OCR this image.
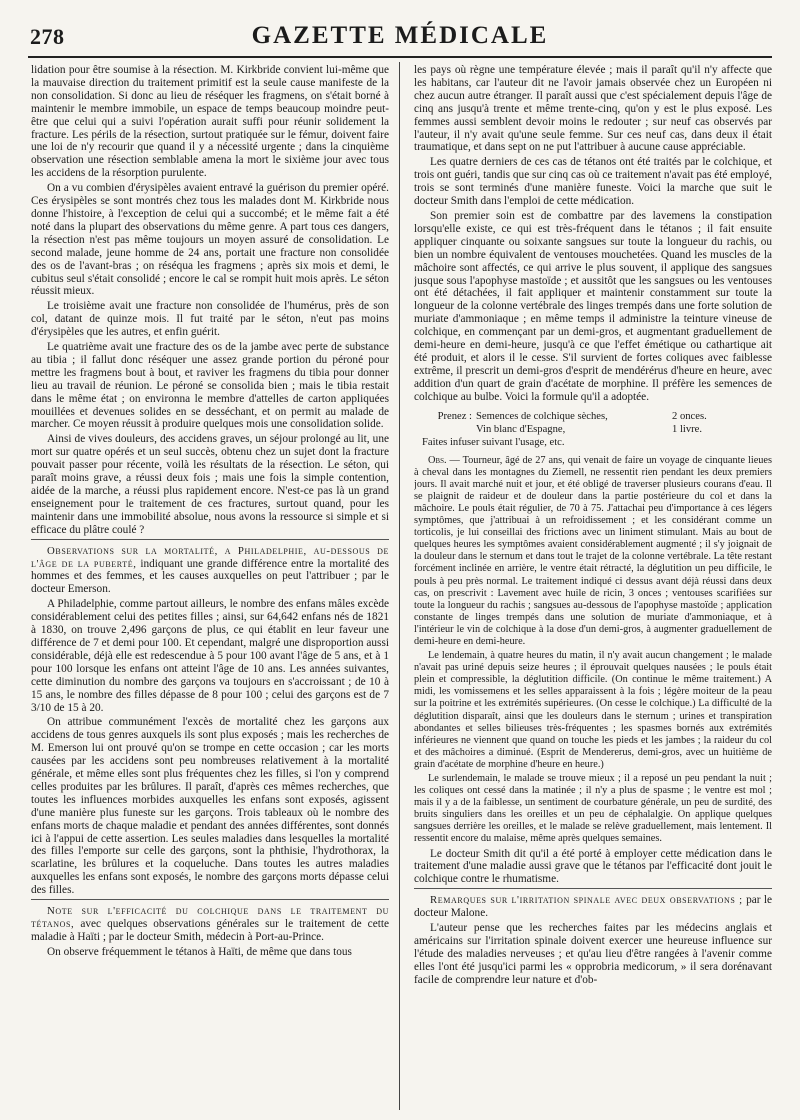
278	GAZETTE MÉDICALE

lidation pour être soumise à la résection. M. Kirkbride convient lui-même que la mauvaise direction du traitement primitif est la seule cause manifeste de la non consolidation. Si donc au lieu de réséquer les fragmens, on s'était borné à maintenir le membre immobile, un espace de temps beaucoup moindre peut-être que celui qui a suivi l'opération aurait suffi pour réunir solidement la fracture. Les périls de la résection, surtout pratiquée sur le fémur, doivent faire une loi de n'y recourir que quand il y a nécessité urgente ; dans la cinquième observation une résection semblable amena la mort le sixième jour avec tous les accidens de la résorption purulente.

On a vu combien d'érysipèles avaient entravé la guérison du premier opéré. Ces érysipèles se sont montrés chez tous les malades dont M. Kirkbride nous donne l'histoire, à l'exception de celui qui a succombé; et le même fait a été noté dans la plupart des observations du même genre. A part tous ces dangers, la résection n'est pas même toujours un moyen assuré de consolidation. Le second malade, jeune homme de 24 ans, portait une fracture non consolidée des os de l'avant-bras ; on réséqua les fragmens ; après six mois et demi, le cubitus seul s'était consolidé ; encore le cal se rompit huit mois après. Le séton réussit mieux.

Le troisième avait une fracture non consolidée de l'humérus, près de son col, datant de quinze mois. Il fut traité par le séton, n'eut pas moins d'érysipèles que les autres, et enfin guérit.

Le quatrième avait une fracture des os de la jambe avec perte de substance au tibia ; il fallut donc réséquer une assez grande portion du péroné pour mettre les fragmens bout à bout, et raviver les fragmens du tibia pour donner lieu au travail de réunion. Le péroné se consolida bien ; mais le tibia restait dans le même état ; on environna le membre d'attelles de carton appliquées mouillées et devenues solides en se desséchant, et on permit au malade de marcher. Ce moyen réussit à produire quelques mois une consolidation solide.

Ainsi de vives douleurs, des accidens graves, un séjour prolongé au lit, une mort sur quatre opérés et un seul succès, obtenu chez un sujet dont la fracture pouvait passer pour récente, voilà les résultats de la résection. Le séton, qui paraît moins grave, a réussi deux fois ; mais une fois la simple contention, aidée de la marche, a réussi plus rapidement encore. N'est-ce pas là un grand enseignement pour le traitement de ces fractures, surtout quand, pour les maintenir dans une immobilité absolue, nous avons la ressource si simple et si efficace du plâtre coulé ?

Observations sur la mortalité, a Philadelphie, au-dessous de l'âge de la puberté, indiquant une grande différence entre la mortalité des hommes et des femmes, et les causes auxquelles on peut l'attribuer ; par le docteur Emerson.

A Philadelphie, comme partout ailleurs, le nombre des enfans mâles excède considérablement celui des petites filles ; ainsi, sur 64,642 enfans nés de 1821 à 1830, on trouve 2,496 garçons de plus, ce qui établit en leur faveur une différence de 7 et demi pour 100. Et cependant, malgré une disproportion aussi considérable, déjà elle est redescendue à 5 pour 100 avant l'âge de 5 ans, et à 1 pour 100 lorsque les enfans ont atteint l'âge de 10 ans. Les années suivantes, cette diminution du nombre des garçons va toujours en s'accroissant ; de 10 à 15 ans, le nombre des filles dépasse de 8 pour 100 ; celui des garçons est de 7 3/10 de 15 à 20.

On attribue communément l'excès de mortalité chez les garçons aux accidens de tous genres auxquels ils sont plus exposés ; mais les recherches de M. Emerson lui ont prouvé qu'on se trompe en cette occasion ; car les morts causées par les accidens sont peu nombreuses relativement à la mortalité générale, et même elles sont plus fréquentes chez les filles, si l'on y comprend celles produites par les brûlures. Il paraît, d'après ces mêmes recherches, que toutes les influences morbides auxquelles les enfans sont exposés, agissent d'une manière plus funeste sur les garçons. Trois tableaux où le nombre des enfans morts de chaque maladie et pendant des années différentes, sont donnés ici à l'appui de cette assertion. Les seules maladies dans lesquelles la mortalité des filles l'emporte sur celle des garçons, sont la phthisie, l'hydrothorax, la scarlatine, les brûlures et la coqueluche. Dans toutes les autres maladies auxquelles les enfans sont exposés, le nombre des garçons morts dépasse celui des filles.

Note sur l'efficacité du colchique dans le traitement du tétanos, avec quelques observations générales sur le traitement de cette maladie à Haïti ; par le docteur Smith, médecin à Port-au-Prince.

On observe fréquemment le tétanos à Haïti, de même que dans tous

les pays où règne une température élevée ; mais il paraît qu'il n'y affecte que les habitans, car l'auteur dit ne l'avoir jamais observée chez un Européen ni chez aucun autre étranger. Il paraît aussi que c'est spécialement depuis l'âge de cinq ans jusqu'à trente et même trente-cinq, qu'on y est le plus exposé. Les femmes aussi semblent devoir moins le redouter ; sur neuf cas observés par l'auteur, il n'y avait qu'une seule femme. Sur ces neuf cas, dans deux il était traumatique, et dans sept on ne put l'attribuer à aucune cause appréciable.

Les quatre derniers de ces cas de tétanos ont été traités par le colchique, et trois ont guéri, tandis que sur cinq cas où ce traitement n'avait pas été employé, trois se sont terminés d'une manière funeste. Voici la marche que suit le docteur Smith dans l'emploi de cette médication.

Son premier soin est de combattre par des lavemens la constipation lorsqu'elle existe, ce qui est très-fréquent dans le tétanos ; il fait ensuite appliquer cinquante ou soixante sangsues sur toute la longueur du rachis, ou bien un nombre équivalent de ventouses mouchetées. Quand les muscles de la mâchoire sont affectés, ce qui arrive le plus souvent, il applique des sangsues jusque sous l'apophyse mastoïde ; et aussitôt que les sangsues ou les ventouses ont été détachées, il fait appliquer et maintenir constamment sur toute la longueur de la colonne vertébrale des linges trempés dans une forte solution de muriate d'ammoniaque ; en même temps il administre la teinture vineuse de colchique, en commençant par un demi-gros, et augmentant graduellement de demi-heure en demi-heure, jusqu'à ce que l'effet émétique ou cathartique ait été produit, et alors il le cesse. S'il survient de fortes coliques avec faiblesse extrême, il prescrit un demi-gros d'esprit de mendérérus d'heure en heure, avec addition d'un quart de grain d'acétate de morphine. Il préfère les semences de colchique au bulbe. Voici la formule qu'il a adoptée.

Prenez : Semences de colchique sèches,	2 onces.
Vin blanc d'Espagne,	1 livre.
Faites infuser suivant l'usage, etc.

Obs. — Tourneur, âgé de 27 ans, qui venait de faire un voyage de cinquante lieues à cheval dans les montagnes du Ziemell, ne ressentit rien pendant les deux premiers jours. Il avait marché nuit et jour, et été obligé de traverser plusieurs courans d'eau. Il se plaignit de raideur et de douleur dans la partie postérieure du col et dans la mâchoire. Le pouls était régulier, de 70 à 75. J'attachai peu d'importance à ces légers symptômes, que j'attribuai à un refroidissement ; et les considérant comme un torticolis, je lui conseillai des frictions avec un liniment stimulant. Mais au bout de quelques heures les symptômes avaient considérablement augmenté ; il s'y joignait de la douleur dans le sternum et dans tout le trajet de la colonne vertébrale. La tête restant forcément inclinée en arrière, le ventre était rétracté, la déglutition un peu difficile, le pouls à peu près normal. Le traitement indiqué ci dessus avant déjà réussi dans deux cas, on prescrivit : Lavement avec huile de ricin, 3 onces ; ventouses scarifiées sur toute la longueur du rachis ; sangsues au-dessous de l'apophyse mastoïde ; application constante de linges trempés dans une solution de muriate d'ammoniaque, et à l'intérieur le vin de colchique à la dose d'un demi-gros, à augmenter graduellement de demi-heure en demi-heure.

Le lendemain, à quatre heures du matin, il n'y avait aucun changement ; le malade n'avait pas uriné depuis seize heures ; il éprouvait quelques nausées ; le pouls était plein et compressible, la déglutition difficile. (On continue le même traitement.) A midi, les vomissemens et les selles apparaissent à la fois ; légère moiteur de la peau sur la poitrine et les extrémités supérieures. (On cesse le colchique.) La difficulté de la déglutition disparaît, ainsi que les douleurs dans le sternum ; urines et transpiration abondantes et selles bilieuses très-fréquentes ; les spasmes bornés aux extrémités inférieures ne viennent que quand on touche les pieds et les jambes ; la raideur du col et des mâchoires a diminué. (Esprit de Mendererus, demi-gros, avec un huitième de grain d'acétate de morphine d'heure en heure.)

Le surlendemain, le malade se trouve mieux ; il a reposé un peu pendant la nuit ; les coliques ont cessé dans la matinée ; il n'y a plus de spasme ; le ventre est mol ; mais il y a de la faiblesse, un sentiment de courbature générale, un peu de surdité, des bruits singuliers dans les oreilles et un peu de céphalalgie. On applique quelques sangsues derrière les oreilles, et le malade se relève graduellement, mais lentement. Il ressentit encore du malaise, même après quelques semaines.

Le docteur Smith dit qu'il a été porté à employer cette médication dans le traitement d'une maladie aussi grave que le tétanos par l'efficacité dont jouit le colchique contre le rhumatisme.

Remarques sur l'irritation spinale avec deux observations ; par le docteur Malone.

L'auteur pense que les recherches faites par les médecins anglais et américains sur l'irritation spinale doivent exercer une heureuse influence sur l'étude des maladies nerveuses ; et qu'au lieu d'être rangées à l'avenir comme elles l'ont été jusqu'ici parmi les « opprobria medicorum, » il sera dorénavant facile de comprendre leur nature et d'ob-
